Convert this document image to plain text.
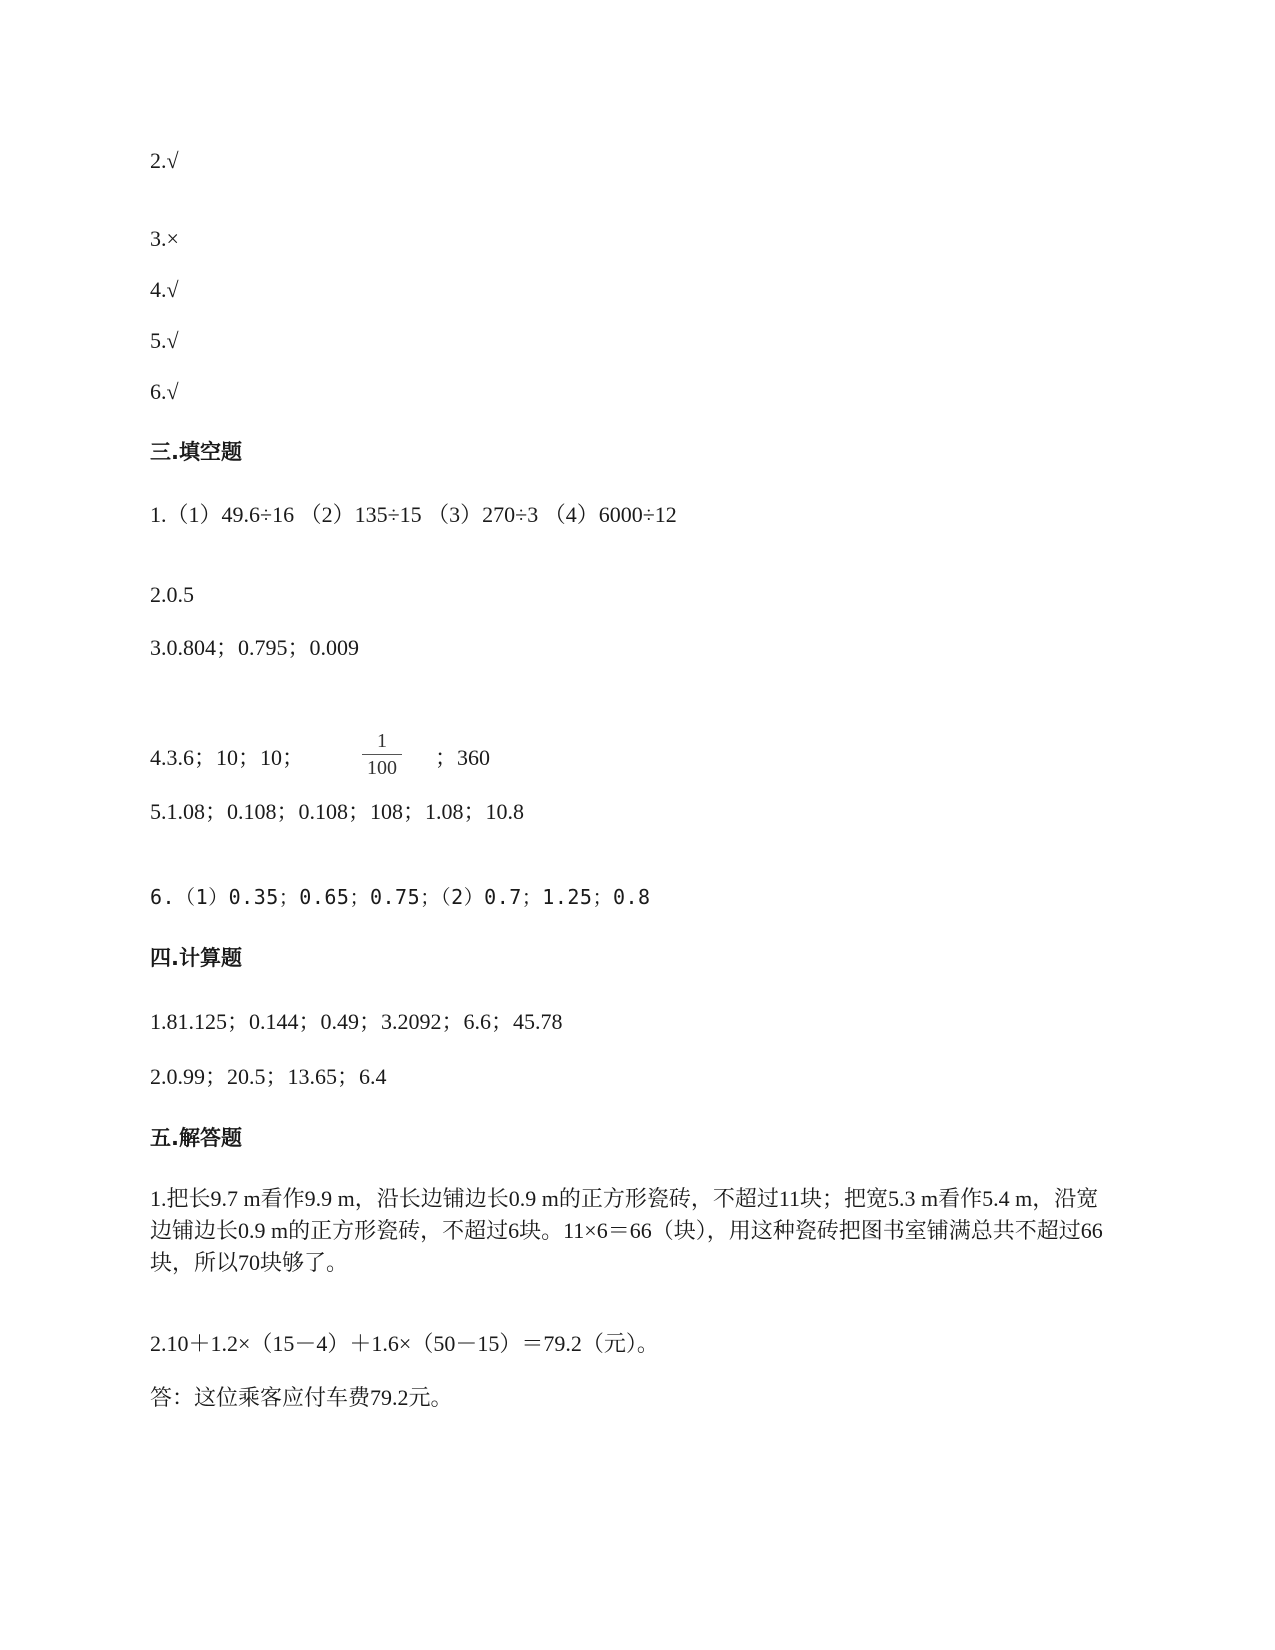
2.√
3.×
4.√
5.√
6.√
三.填空题
1.（1）49.6÷16 （2）135÷15 （3）270÷3 （4）6000÷12
2.0.5
3.0.804；0.795；0.009
4.3.6；10；10；
1
100 ；360
5.1.08；0.108；0.108；108；1.08；10.8
6.（1）0.35；0.65；0.75；（2）0.7；1.25；0.8
四.计算题
1.81.125；0.144；0.49；3.2092；6.6；45.78
2.0.99；20.5；13.65；6.4
五.解答题
1.把长9.7 m看作9.9 m，沿长边铺边长0.9 m的正方形瓷砖，不超过11块；把宽5.3 m看作5.4 m，沿宽边铺边长0.9 m的正方形瓷砖，不超过6块。11×6＝66（块），用这种瓷砖把图书室铺满总共不超过66块，所以70块够了。
2.10＋1.2×（15－4）＋1.6×（50－15）＝79.2（元）。
答：这位乘客应付车费79.2元。
